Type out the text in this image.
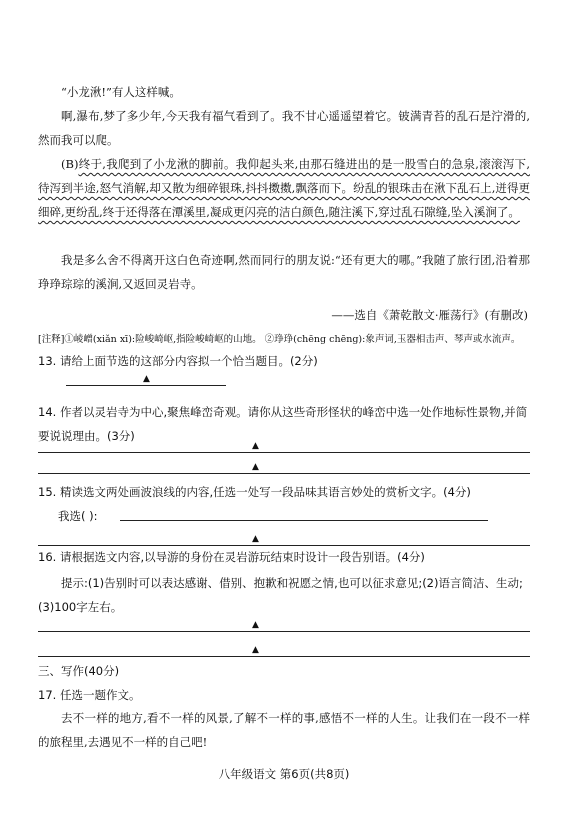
“小龙湫!”有人这样喊。
啊,瀑布,梦了多少年,今天我有福气看到了。我不甘心遥遥望着它。铍满青苔的乱石是泞滑的,然而我可以爬。
(B)终于,我爬到了小龙湫的脚前。我仰起头来,由那石缝进出的是一股雪白的急泉,滚滚泻下,待泻到半途,怒气消解,却又散为细碎银珠,抖抖擞擞,飘落而下。纷乱的银珠击在湫下乱石上,迸得更细碎,更纷乱,终于还得落在潭溪里,凝成更闪亮的洁白颜色,随注溪下,穿过乱石隙缝,坠入溪涧了。
我是多么舍不得离开这白色奇迹啊,然而同行的朋友说:“还有更大的哪。”我随了旅行团,沿着那琤琤琮琮的溪涧,又返回灵岩寺。
——选自《萧乾散文·雁荡行》(有删改)
[注释]①崚嶒(xiǎn xī):险峻崎岖,指险峻崎岖的山地。 ②琤琤(chēng chēng):象声词,玉器相击声、琴声或水流声。
13. 请给上面节选的这部分内容拟一个恰当题目。(2分)
▲
14. 作者以灵岩寺为中心,聚焦峰峦奇观。请你从这些奇形怪状的峰峦中选一处作地标性景物,并简要说说理由。(3分)
▲
▲
15. 精读选文两处画波浪线的内容,任选一处写一段品味其语言妙处的赏析文字。(4分)
我选( ):
▲
16. 请根据选文内容,以导游的身份在灵岩游玩结束时设计一段告别语。(4分)
提示:(1)告别时可以表达感谢、借别、抱歉和祝愿之情,也可以征求意见;(2)语言简洁、生动;(3)100字左右。
▲
▲
三、写作(40分)
17. 任选一题作文。
去不一样的地方,看不一样的风景,了解不一样的事,感悟不一样的人生。让我们在一段不一样的旅程里,去遇见不一样的自己吧!
八年级语文 第6页(共8页)
